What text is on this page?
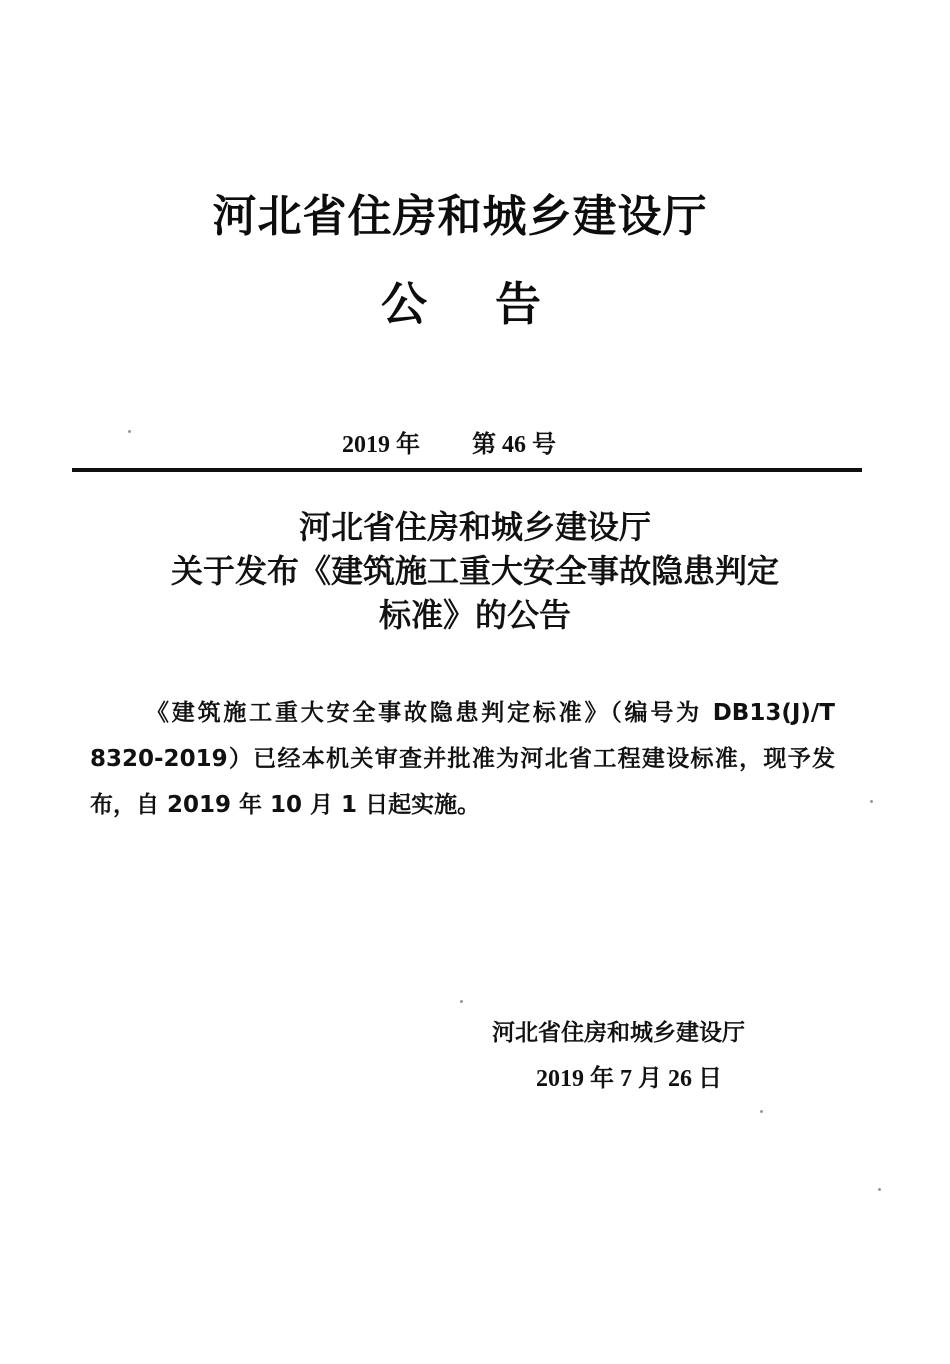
河北省住房和城乡建设厅
公告
2019 年 第 46 号
河北省住房和城乡建设厅
关于发布《建筑施工重大安全事故隐患判定
标准》的公告

《建筑施工重大安全事故隐患判定标准》（编号为 DB13(J)/T 8320-2019）已经本机关审查并批准为河北省工程建设标准，现予发布，自 2019 年 10 月 1 日起实施。

河北省住房和城乡建设厅
2019 年 7 月 26 日
